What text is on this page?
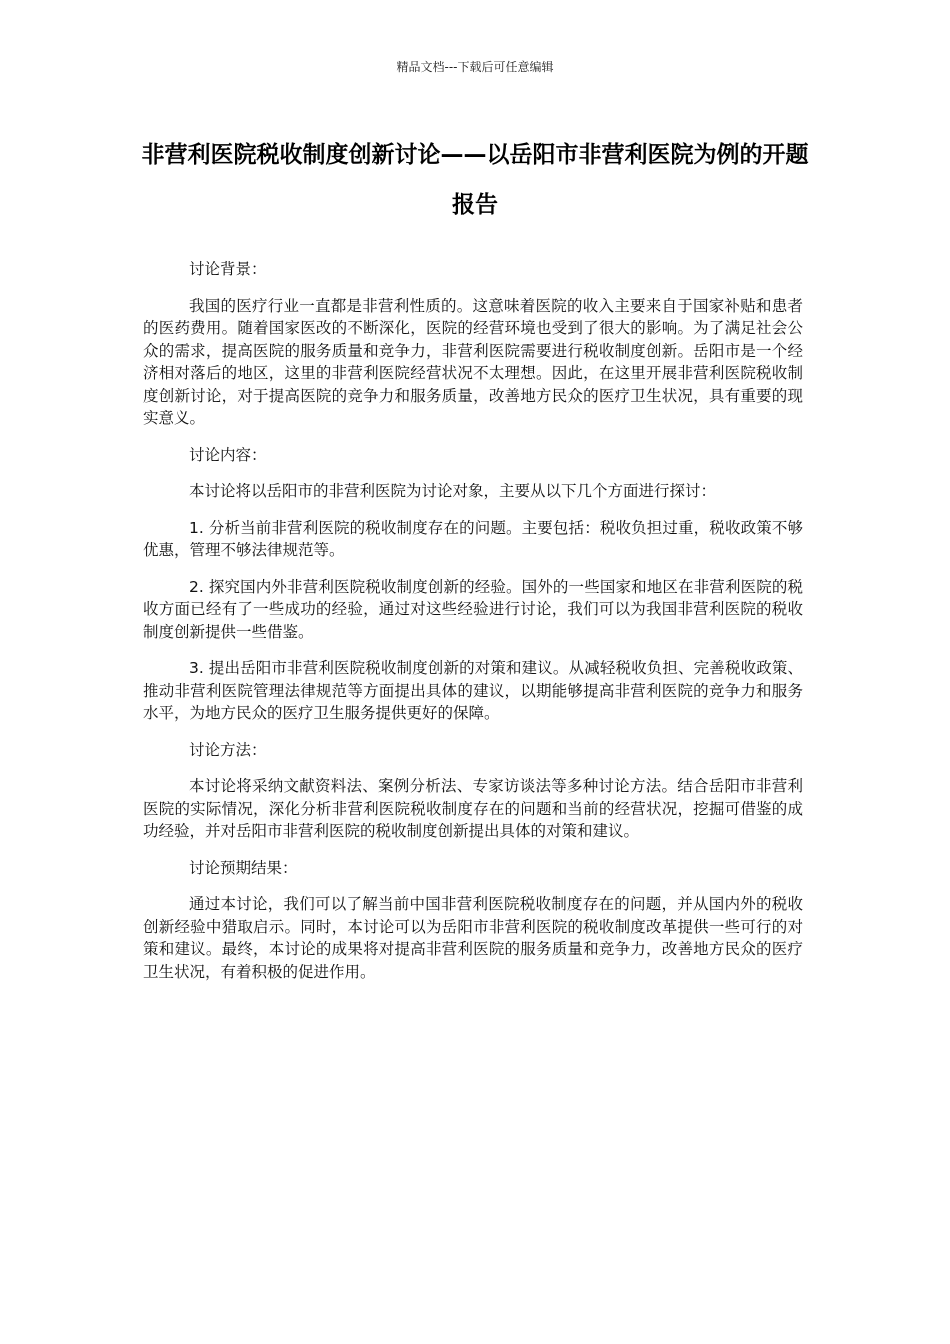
精品文档---下载后可任意编辑
非营利医院税收制度创新讨论——以岳阳市非营利医院为例的开题报告

讨论背景：

我国的医疗行业一直都是非营利性质的。这意味着医院的收入主要来自于国家补贴和患者的医药费用。随着国家医改的不断深化，医院的经营环境也受到了很大的影响。为了满足社会公众的需求，提高医院的服务质量和竞争力，非营利医院需要进行税收制度创新。岳阳市是一个经济相对落后的地区，这里的非营利医院经营状况不太理想。因此，在这里开展非营利医院税收制度创新讨论，对于提高医院的竞争力和服务质量，改善地方民众的医疗卫生状况，具有重要的现实意义。

讨论内容：

本讨论将以岳阳市的非营利医院为讨论对象，主要从以下几个方面进行探讨：

1. 分析当前非营利医院的税收制度存在的问题。主要包括：税收负担过重，税收政策不够优惠，管理不够法律规范等。

2. 探究国内外非营利医院税收制度创新的经验。国外的一些国家和地区在非营利医院的税收方面已经有了一些成功的经验，通过对这些经验进行讨论，我们可以为我国非营利医院的税收制度创新提供一些借鉴。

3. 提出岳阳市非营利医院税收制度创新的对策和建议。从减轻税收负担、完善税收政策、推动非营利医院管理法律规范等方面提出具体的建议，以期能够提高非营利医院的竞争力和服务水平，为地方民众的医疗卫生服务提供更好的保障。

讨论方法：

本讨论将采纳文献资料法、案例分析法、专家访谈法等多种讨论方法。结合岳阳市非营利医院的实际情况，深化分析非营利医院税收制度存在的问题和当前的经营状况，挖掘可借鉴的成功经验，并对岳阳市非营利医院的税收制度创新提出具体的对策和建议。

讨论预期结果：

通过本讨论，我们可以了解当前中国非营利医院税收制度存在的问题，并从国内外的税收创新经验中猎取启示。同时，本讨论可以为岳阳市非营利医院的税收制度改革提供一些可行的对策和建议。最终，本讨论的成果将对提高非营利医院的服务质量和竞争力，改善地方民众的医疗卫生状况，有着积极的促进作用。
